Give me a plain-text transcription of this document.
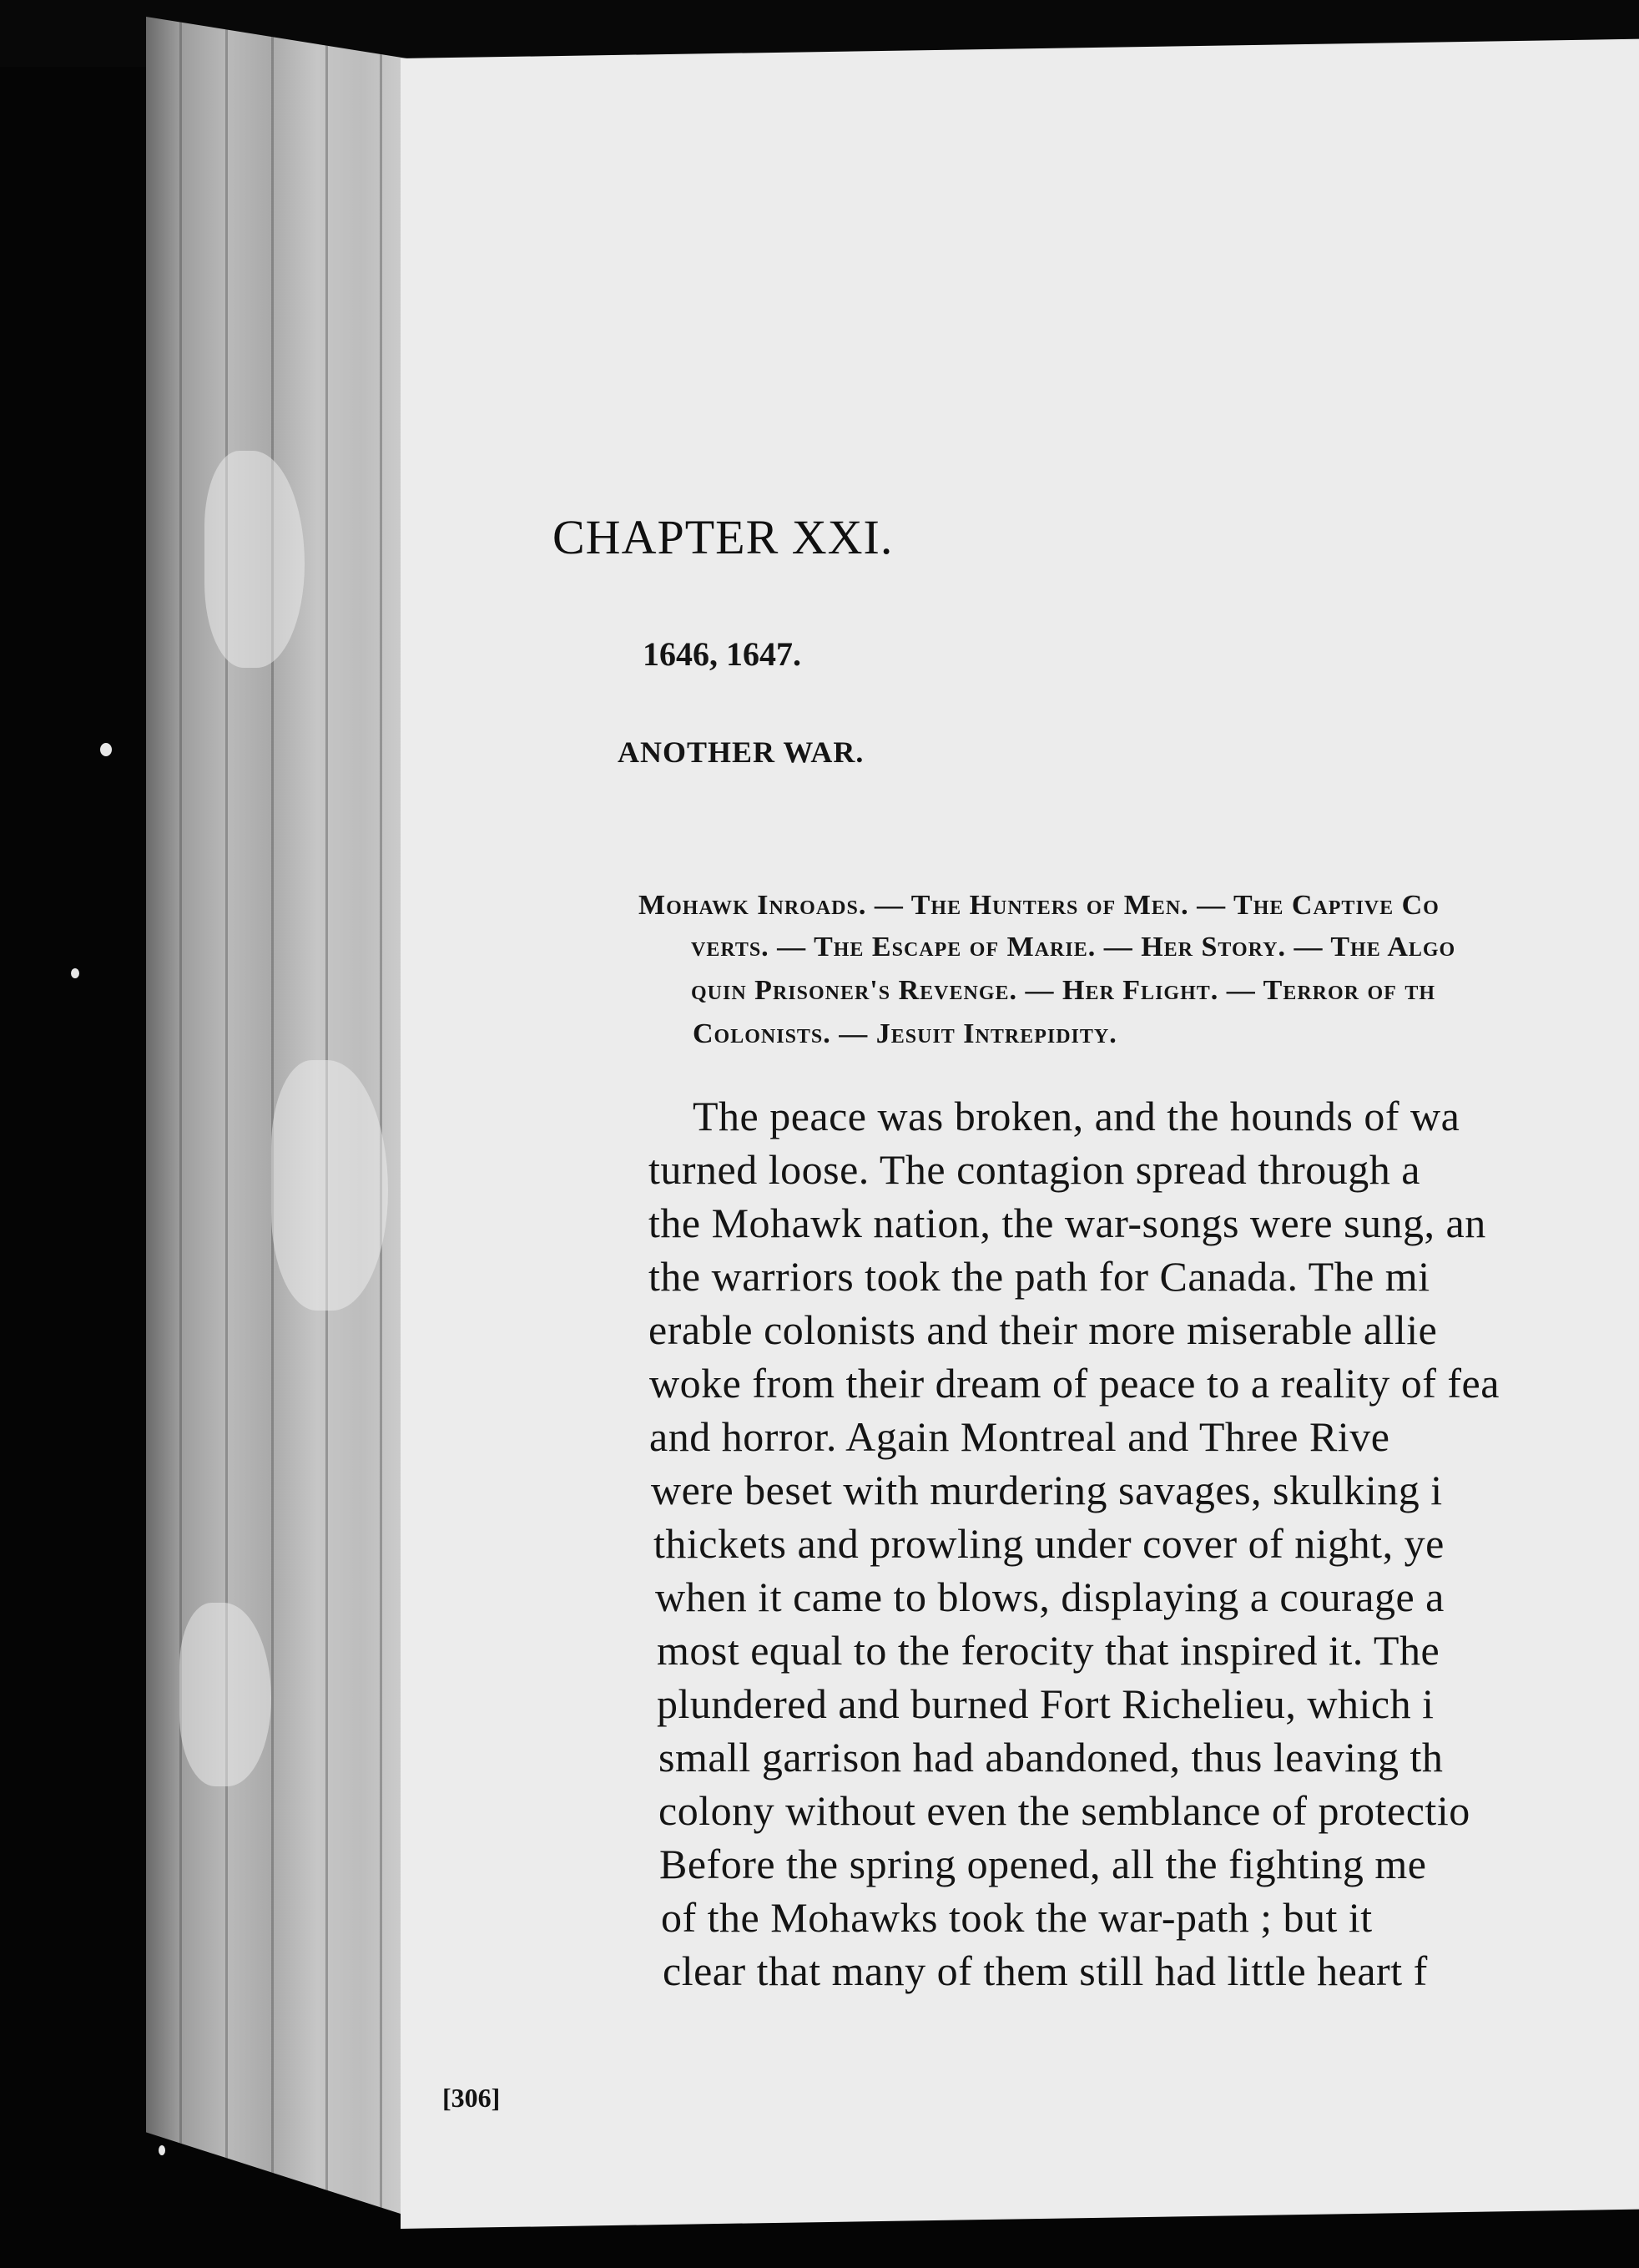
CHAPTER XXI.
1646, 1647.
ANOTHER WAR.
Mohawk Inroads. — The Hunters of Men. — The Captive Co
verts. — The Escape of Marie. — Her Story. — The Algo
quin Prisoner's Revenge. — Her Flight. — Terror of th
Colonists. — Jesuit Intrepidity.
The peace was broken, and the hounds of wa
turned loose. The contagion spread through a
the Mohawk nation, the war-songs were sung, an
the warriors took the path for Canada. The mi
erable colonists and their more miserable allie
woke from their dream of peace to a reality of fea
and horror. Again Montreal and Three Rive
were beset with murdering savages, skulking i
thickets and prowling under cover of night, ye
when it came to blows, displaying a courage a
most equal to the ferocity that inspired it. The
plundered and burned Fort Richelieu, which i
small garrison had abandoned, thus leaving th
colony without even the semblance of protectio
Before the spring opened, all the fighting me
of the Mohawks took the war-path ; but it
clear that many of them still had little heart f
[306]
